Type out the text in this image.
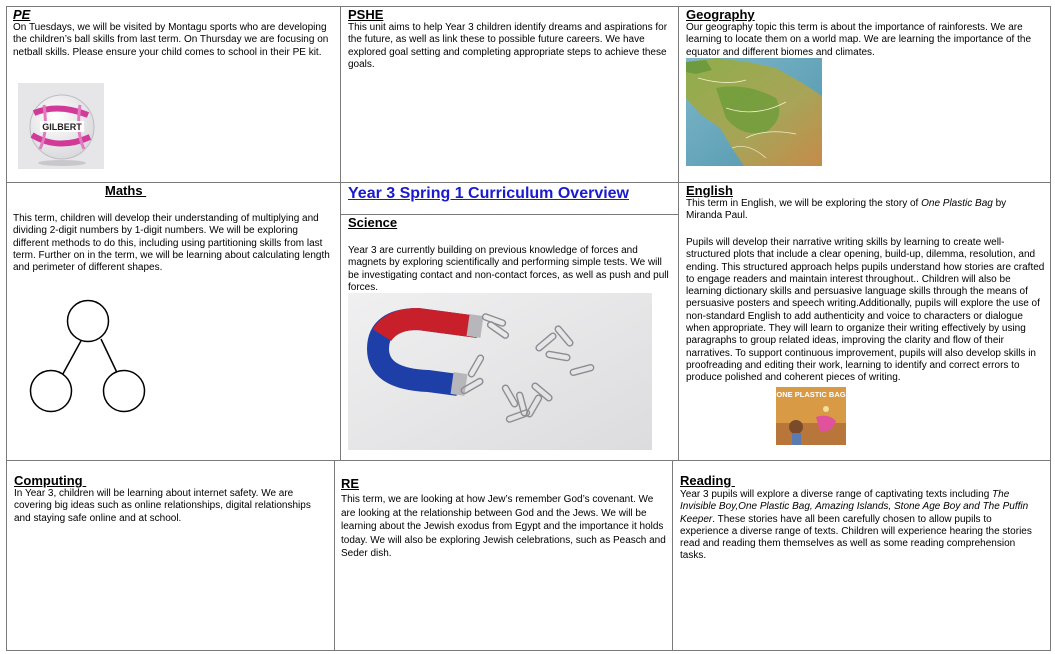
PE
On Tuesdays, we will be visited by Montagu sports who are developing the children’s ball skills from last term. On Thursday we are focusing on netball skills. Please ensure your child comes to school in their PE kit.
GILBERT
PSHE
This unit aims to help Year 3 children identify dreams and aspirations for the future, as well as link these to possible future careers. We have explored goal setting and completing appropriate steps to achieve these goals.
Geography
Our geography topic this term is about the importance of rainforests. We are learning to locate them on a world map. We are learning the importance of the equator and different biomes and climates.
Maths
This term, children will develop their understanding of multiplying and dividing 2-digit numbers by 1-digit numbers. We will be exploring different methods to do this, including using partitioning skills from last term. Further on in the term, we will be learning about calculating length and perimeter of different shapes.
Year 3 Spring 1 Curriculum Overview
Science
Year 3 are currently building on previous knowledge of forces and magnets by exploring scientifically and performing simple tests. We will be investigating contact and non-contact forces, as well as push and pull forces.
English
This term in English, we will be exploring the story of One Plastic Bag by Miranda Paul.
Pupils will develop their narrative writing skills by learning to create well-structured plots that include a clear opening, build-up, dilemma, resolution, and ending. This structured approach helps pupils understand how stories are crafted to engage readers and maintain interest throughout.. Children will also be learning dictionary skills and persuasive language skills through the means of persuasive posters and speech writing.Additionally, pupils will explore the use of non-standard English to add authenticity and voice to characters or dialogue when appropriate. They will learn to organize their writing effectively by using paragraphs to group related ideas, improving the clarity and flow of their narratives. To support continuous improvement, pupils will also develop skills in proofreading and editing their work, learning to identify and correct errors to produce polished and coherent pieces of writing.
ONE PLASTIC BAG
Computing
In Year 3, children will be learning about internet safety. We are covering big ideas such as online relationships, digital relationships and staying safe online and at school.
RE
This term, we are looking at how Jew’s remember God’s covenant. We are looking at the relationship between God and the Jews. We will be learning about the Jewish exodus from Egypt and the importance it holds today. We will also be exploring Jewish celebrations, such as Peasch and Seder dish.
Reading
Year 3 pupils will explore a diverse range of captivating texts including The Invisible Boy,One Plastic Bag, Amazing Islands, Stone Age Boy and The Puffin Keeper. These stories have all been carefully chosen to allow pupils to experience a diverse range of texts. Children will experience hearing the stories read and reading them themselves as well as some reading comprehension tasks.
